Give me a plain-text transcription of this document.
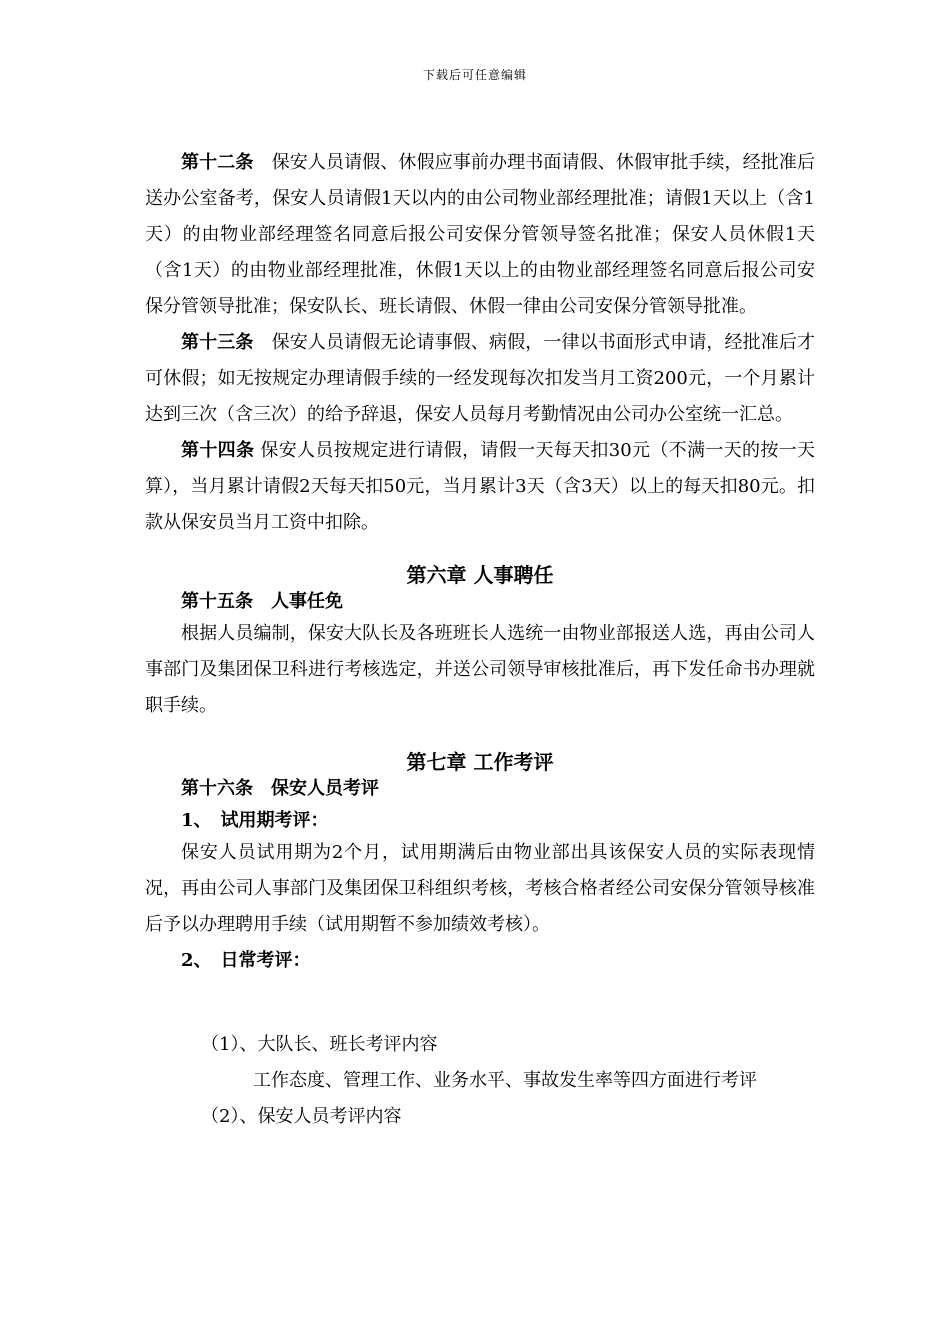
下载后可任意编辑

第十二条　 保安人员请假、休假应事前办理书面请假、休假审批手续，经批准后送办公室备考，保安人员请假1天以内的由公司物业部经理批准；请假1天以上（含1天）的由物业部经理签名同意后报公司安保分管领导签名批准；保安人员休假1天（含1天）的由物业部经理批准，休假1天以上的由物业部经理签名同意后报公司安保分管领导批准；保安队长、班长请假、休假一律由公司安保分管领导批准。

第十三条　 保安人员请假无论请事假、病假，一律以书面形式申请，经批准后才可休假；如无按规定办理请假手续的一经发现每次扣发当月工资200元，一个月累计达到三次（含三次）的给予辞退，保安人员每月考勤情况由公司办公室统一汇总。

第十四条 保安人员按规定进行请假，请假一天每天扣30元（不满一天的按一天算），当月累计请假2天每天扣50元，当月累计3天（含3天）以上的每天扣80元。扣款从保安员当月工资中扣除。

第六章 人事聘任

第十五条　人事任免

根据人员编制，保安大队长及各班班长人选统一由物业部报送人选，再由公司人事部门及集团保卫科进行考核选定，并送公司领导审核批准后，再下发任命书办理就职手续。

第七章 工作考评

第十六条　保安人员考评

1、　试用期考评：

保安人员试用期为2个月，试用期满后由物业部出具该保安人员的实际表现情况，再由公司人事部门及集团保卫科组织考核，考核合格者经公司安保分管领导核准后予以办理聘用手续（试用期暂不参加绩效考核）。

2、　日常考评：

（1）、大队长、班长考评内容

工作态度、管理工作、业务水平、事故发生率等四方面进行考评

（2）、保安人员考评内容
